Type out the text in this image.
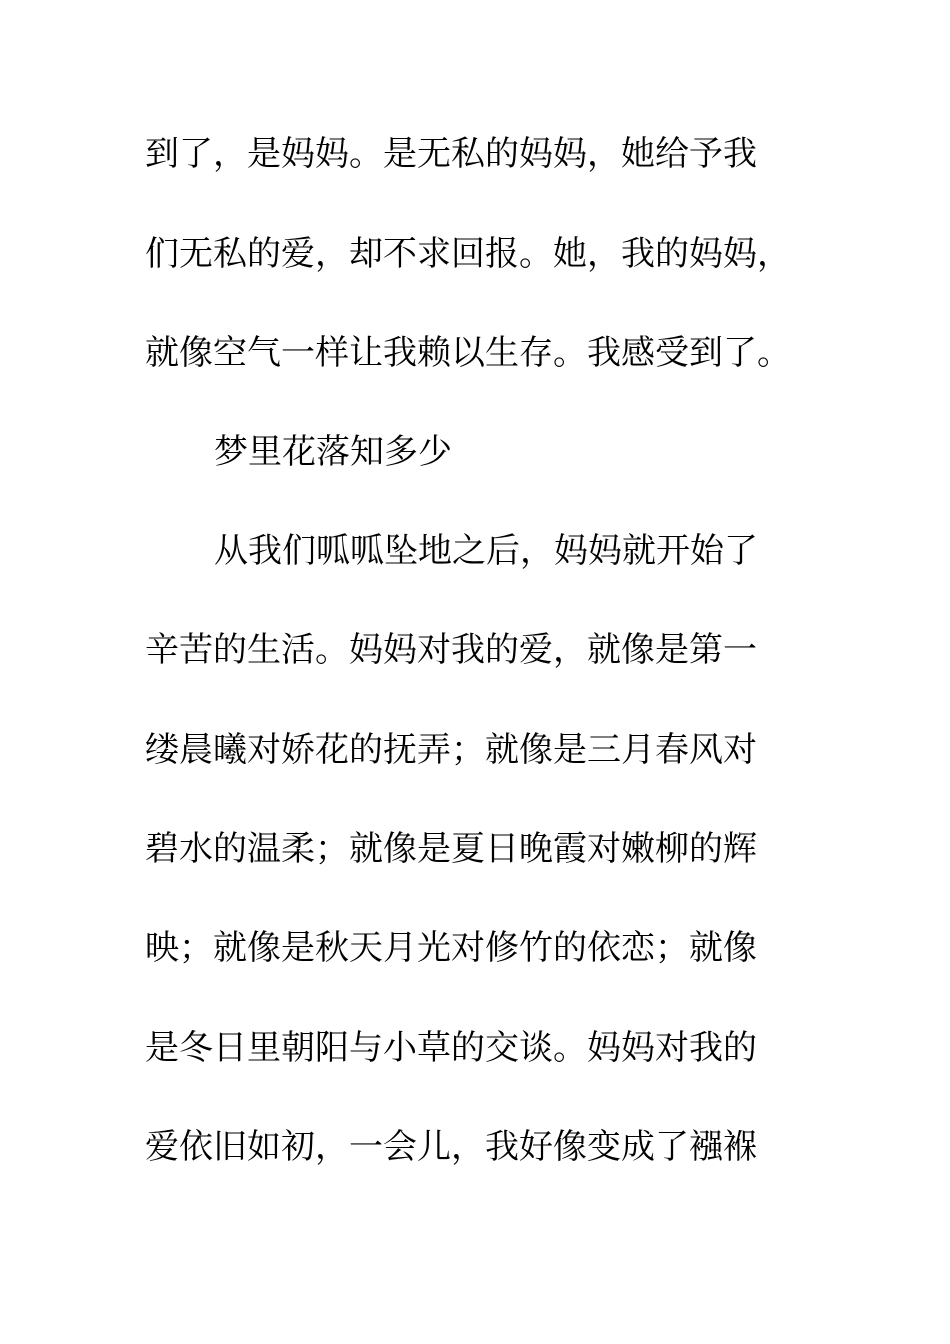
到了，是妈妈。是无私的妈妈，她给予我
们无私的爱，却不求回报。她，我的妈妈，
就像空气一样让我赖以生存。我感受到了。
梦里花落知多少
从我们呱呱坠地之后，妈妈就开始了
辛苦的生活。妈妈对我的爱，就像是第一
缕晨曦对娇花的抚弄；就像是三月春风对
碧水的温柔；就像是夏日晚霞对嫩柳的辉
映；就像是秋天月光对修竹的依恋；就像
是冬日里朝阳与小草的交谈。妈妈对我的
爱依旧如初，一会儿，我好像变成了襁褓
